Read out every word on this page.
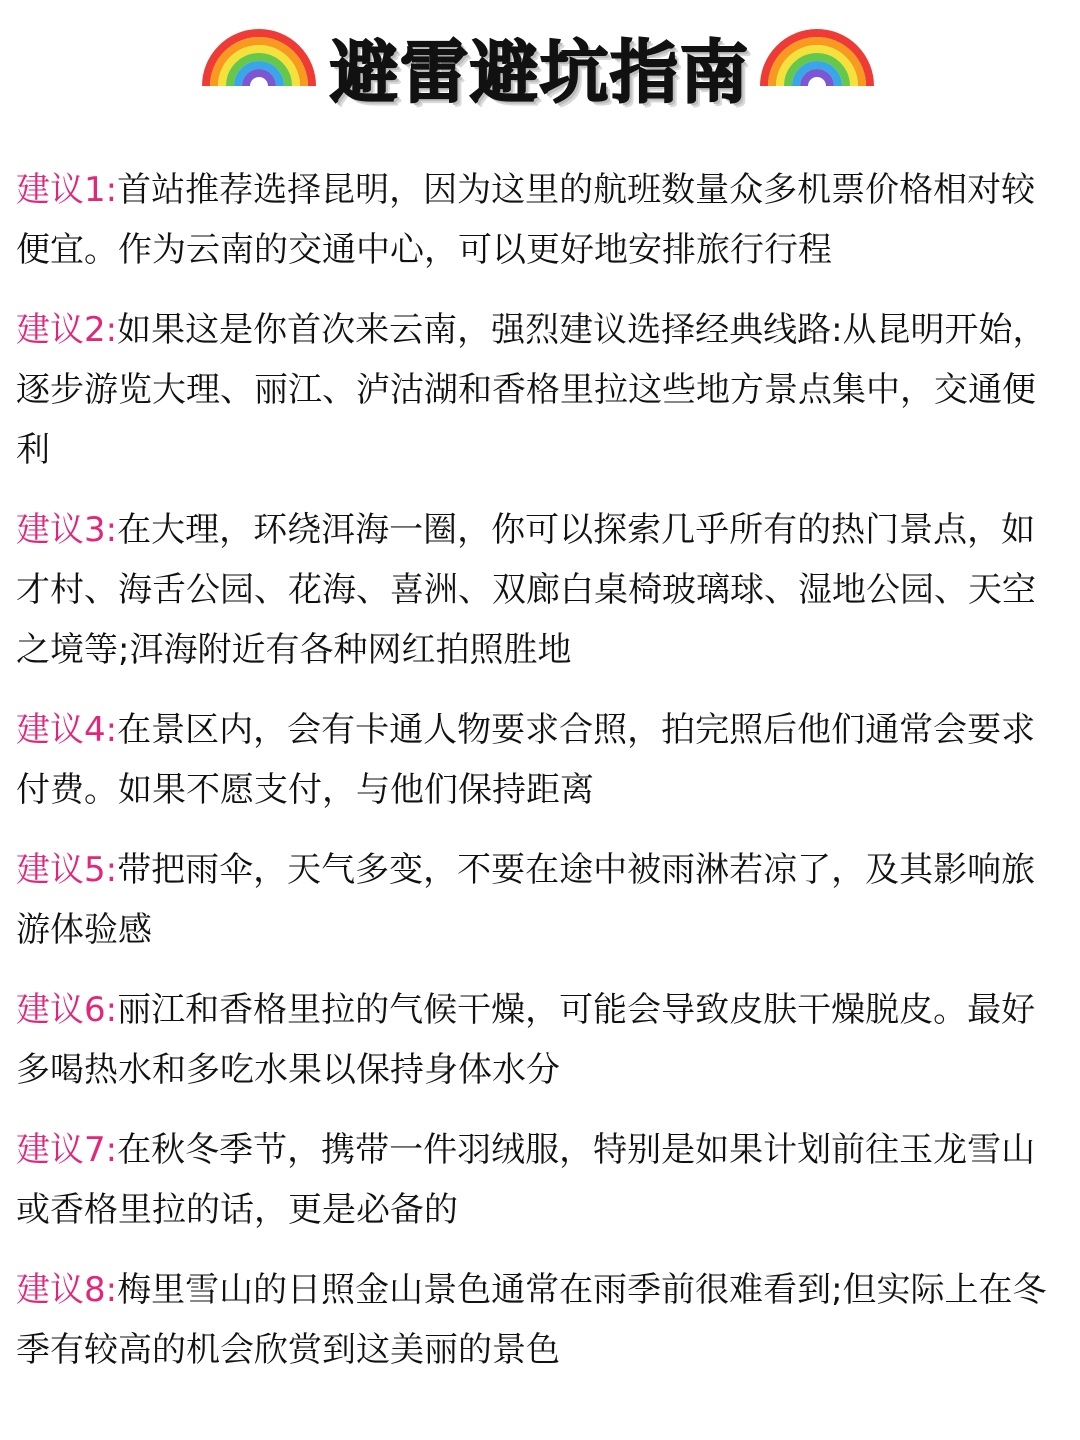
避雷避坑指南

建议1:首站推荐选择昆明，因为这里的航班数量众多机票价格相对较便宜。作为云南的交通中心，可以更好地安排旅行行程

建议2:如果这是你首次来云南，强烈建议选择经典线路:从昆明开始，逐步游览大理、丽江、泸沽湖和香格里拉这些地方景点集中，交通便利

建议3:在大理，环绕洱海一圈，你可以探索几乎所有的热门景点，如才村、海舌公园、花海、喜洲、双廊白桌椅玻璃球、湿地公园、天空之境等;洱海附近有各种网红拍照胜地

建议4:在景区内，会有卡通人物要求合照，拍完照后他们通常会要求付费。如果不愿支付，与他们保持距离

建议5:带把雨伞，天气多变，不要在途中被雨淋若凉了，及其影响旅游体验感

建议6:丽江和香格里拉的气候干燥，可能会导致皮肤干燥脱皮。最好多喝热水和多吃水果以保持身体水分

建议7:在秋冬季节，携带一件羽绒服，特别是如果计划前往玉龙雪山或香格里拉的话，更是必备的

建议8:梅里雪山的日照金山景色通常在雨季前很难看到;但实际上在冬季有较高的机会欣赏到这美丽的景色
